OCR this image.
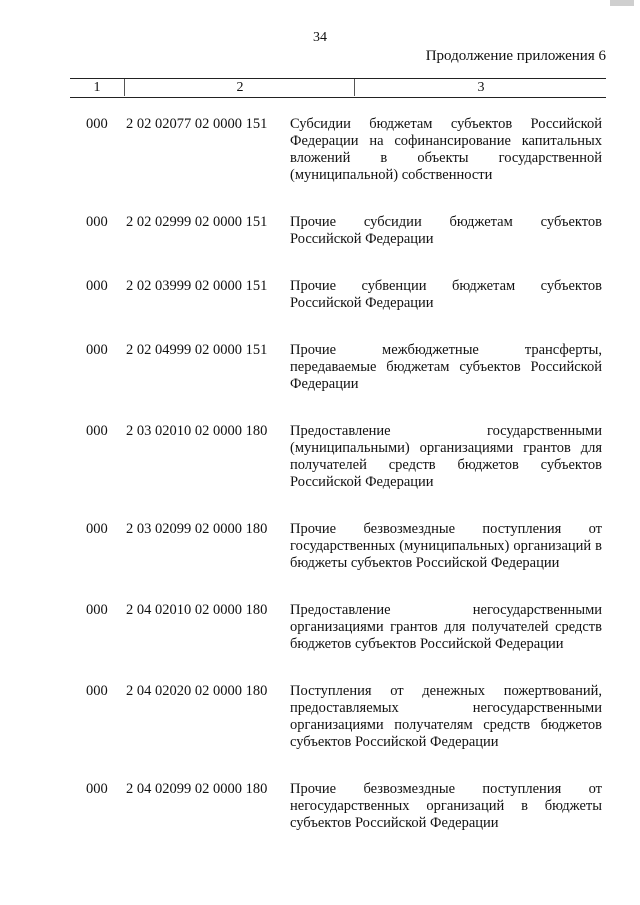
34
Продолжение приложения 6
1	2	3
000	2 02 02077 02 0000 151	Субсидии бюджетам субъектов Российской Федерации на софинансирование капитальных вложений в объекты государственной (муниципальной) собственности
000	2 02 02999 02 0000 151	Прочие субсидии бюджетам субъектов Российской Федерации
000	2 02 03999 02 0000 151	Прочие субвенции бюджетам субъектов Российской Федерации
000	2 02 04999 02 0000 151	Прочие межбюджетные трансферты, передаваемые бюджетам субъектов Российской Федерации
000	2 03 02010 02 0000 180	Предоставление государственными (муниципальными) организациями грантов для получателей средств бюджетов субъектов Российской Федерации
000	2 03 02099 02 0000 180	Прочие безвозмездные поступления от государственных (муниципальных) организаций в бюджеты субъектов Российской Федерации
000	2 04 02010 02 0000 180	Предоставление негосударственными организациями грантов для получателей средств бюджетов субъектов Российской Федерации
000	2 04 02020 02 0000 180	Поступления от денежных пожертвований, предоставляемых негосударственными организациями получателям средств бюджетов субъектов Российской Федерации
000	2 04 02099 02 0000 180	Прочие безвозмездные поступления от негосударственных организаций в бюджеты субъектов Российской Федерации
